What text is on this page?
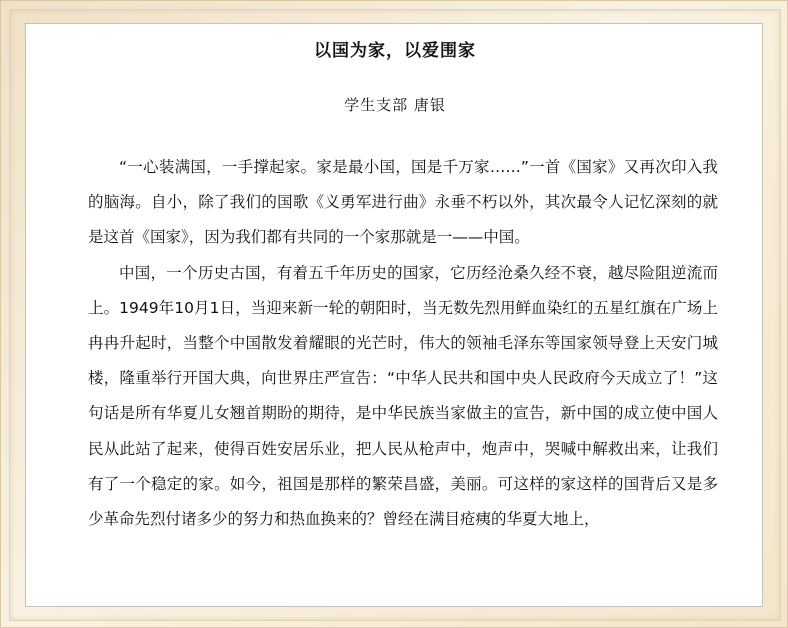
以国为家，以爱围家
学生支部 唐银

“一心装满国，一手撑起家。家是最小国，国是千万家……”一首《国家》又再次印入我的脑海。自小，除了我们的国歌《义勇军进行曲》永垂不朽以外，其次最令人记忆深刻的就是这首《国家》，因为我们都有共同的一个家那就是一——中国。

中国，一个历史古国，有着五千年历史的国家，它历经沧桑久经不衰，越尽险阻逆流而上。1949年10月1日，当迎来新一轮的朝阳时，当无数先烈用鲜血染红的五星红旗在广场上冉冉升起时，当整个中国散发着耀眼的光芒时，伟大的领袖毛泽东等国家领导登上天安门城楼，隆重举行开国大典，向世界庄严宣告：“中华人民共和国中央人民政府今天成立了！”这句话是所有华夏儿女翘首期盼的期待，是中华民族当家做主的宣告，新中国的成立使中国人民从此站了起来，使得百姓安居乐业，把人民从枪声中，炮声中，哭喊中解救出来，让我们有了一个稳定的家。如今，祖国是那样的繁荣昌盛，美丽。可这样的家这样的国背后又是多少革命先烈付诸多少的努力和热血换来的？曾经在满目疮痍的华夏大地上，
